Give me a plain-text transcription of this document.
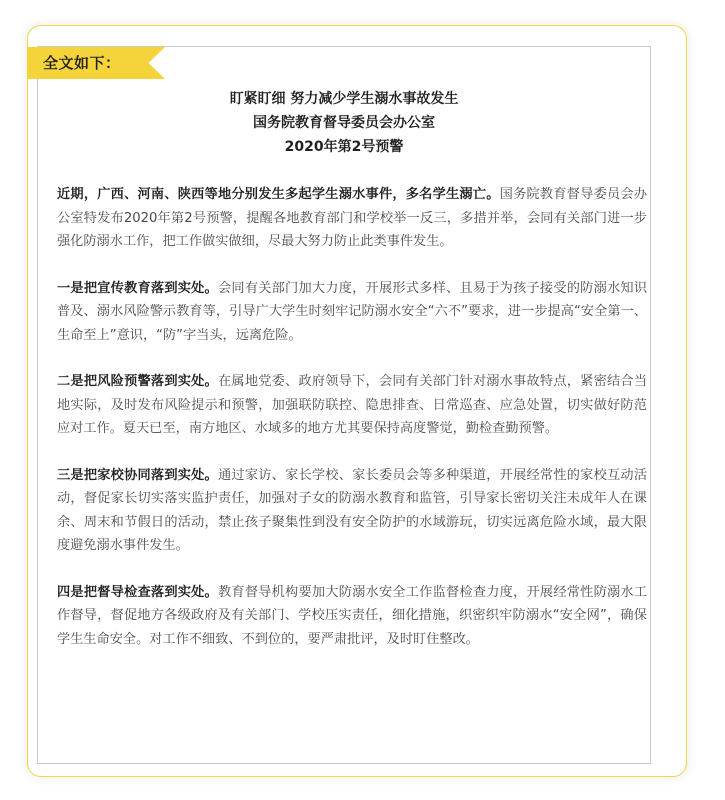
全文如下：

盯紧盯细 努力减少学生溺水事故发生

国务院教育督导委员会办公室

2020年第2号预警

近期，广西、河南、陕西等地分别发生多起学生溺水事件，多名学生溺亡。国务院教育督导委员会办公室特发布2020年第2号预警，提醒各地教育部门和学校举一反三，多措并举，会同有关部门进一步强化防溺水工作，把工作做实做细，尽最大努力防止此类事件发生。

一是把宣传教育落到实处。会同有关部门加大力度，开展形式多样、且易于为孩子接受的防溺水知识普及、溺水风险警示教育等，引导广大学生时刻牢记防溺水安全“六不”要求，进一步提高“安全第一、生命至上”意识，“防”字当头，远离危险。

二是把风险预警落到实处。在属地党委、政府领导下，会同有关部门针对溺水事故特点，紧密结合当地实际，及时发布风险提示和预警，加强联防联控、隐患排查、日常巡查、应急处置，切实做好防范应对工作。夏天已至，南方地区、水域多的地方尤其要保持高度警觉，勤检查勤预警。

三是把家校协同落到实处。通过家访、家长学校、家长委员会等多种渠道，开展经常性的家校互动活动，督促家长切实落实监护责任，加强对子女的防溺水教育和监管，引导家长密切关注未成年人在课余、周末和节假日的活动，禁止孩子聚集性到没有安全防护的水域游玩，切实远离危险水域，最大限度避免溺水事件发生。

四是把督导检查落到实处。教育督导机构要加大防溺水安全工作监督检查力度，开展经常性防溺水工作督导，督促地方各级政府及有关部门、学校压实责任，细化措施，织密织牢防溺水“安全网”，确保学生生命安全。对工作不细致、不到位的，要严肃批评，及时盯住整改。
